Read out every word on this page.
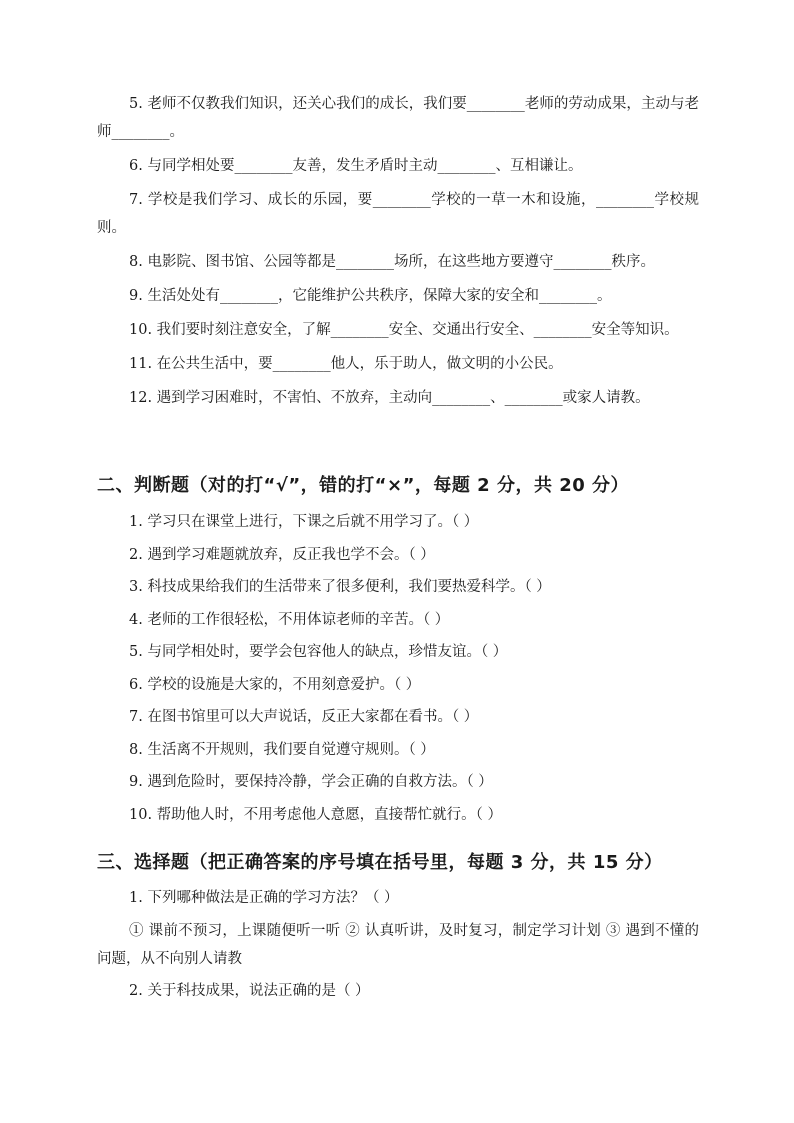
5. 老师不仅教我们知识，还关心我们的成长，我们要________老师的劳动成果，主动与老师________。

6. 与同学相处要________友善，发生矛盾时主动________、互相谦让。

7. 学校是我们学习、成长的乐园，要________学校的一草一木和设施，________学校规则。

8. 电影院、图书馆、公园等都是________场所，在这些地方要遵守________秩序。

9. 生活处处有________，它能维护公共秩序，保障大家的安全和________。

10. 我们要时刻注意安全，了解________安全、交通出行安全、________安全等知识。

11. 在公共生活中，要________他人，乐于助人，做文明的小公民。

12. 遇到学习困难时，不害怕、不放弃，主动向________、________或家人请教。

二、判断题（对的打“√”，错的打“×”，每题 2 分，共 20 分）

1. 学习只在课堂上进行，下课之后就不用学习了。（ ）

2. 遇到学习难题就放弃，反正我也学不会。（ ）

3. 科技成果给我们的生活带来了很多便利，我们要热爱科学。（ ）

4. 老师的工作很轻松，不用体谅老师的辛苦。（ ）

5. 与同学相处时，要学会包容他人的缺点，珍惜友谊。（ ）

6. 学校的设施是大家的，不用刻意爱护。（ ）

7. 在图书馆里可以大声说话，反正大家都在看书。（ ）

8. 生活离不开规则，我们要自觉遵守规则。（ ）

9. 遇到危险时，要保持冷静，学会正确的自救方法。（ ）

10. 帮助他人时，不用考虑他人意愿，直接帮忙就行。（ ）

三、选择题（把正确答案的序号填在括号里，每题 3 分，共 15 分）

1. 下列哪种做法是正确的学习方法？（ ）

① 课前不预习，上课随便听一听 ② 认真听讲，及时复习，制定学习计划 ③ 遇到不懂的问题，从不向别人请教

2. 关于科技成果，说法正确的是（ ）
